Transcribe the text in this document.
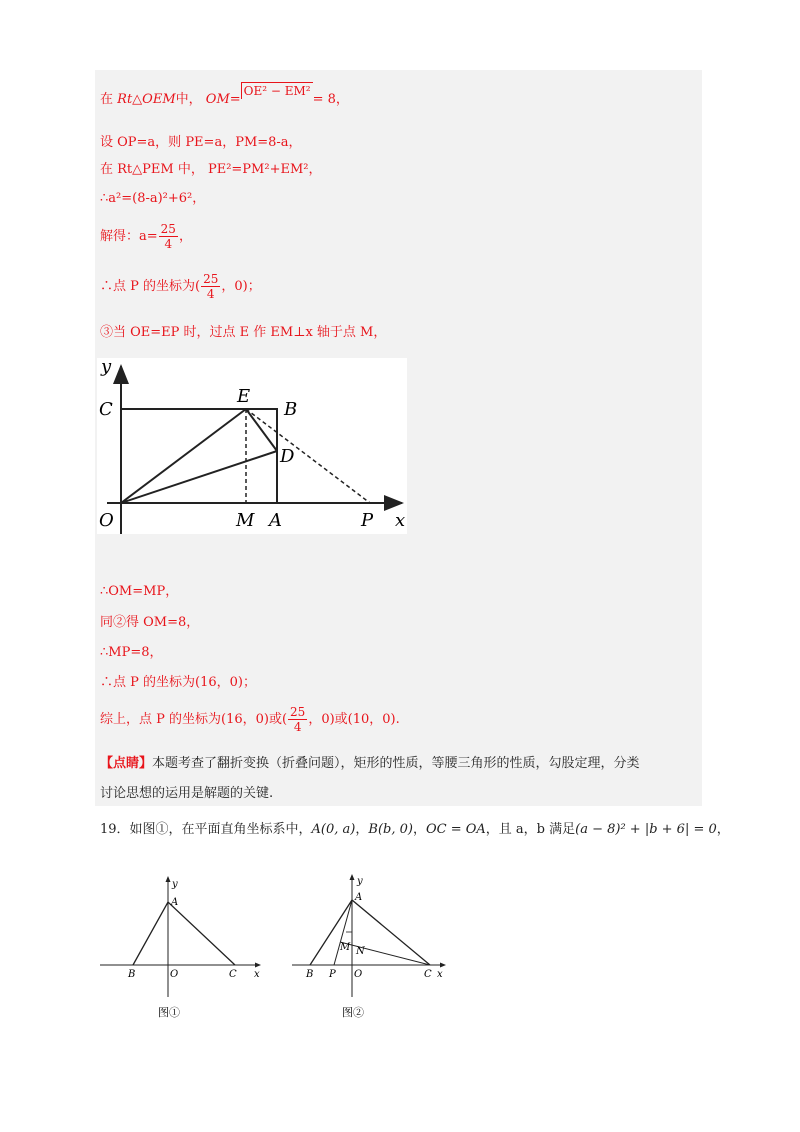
在 Rt△OEM中， OM=OE² − EM²= 8，
设 OP=a，则 PE=a，PM=8-a，
在 Rt△PEM 中， PE²=PM²+EM²，
∴a²=(8-a)²+6²，
解得：$a= \frac{25}{4}$ ，
∴点 P 的坐标为( $\frac{25}{4}$ ，0)；
③当 OE=EP 时，过点 E 作 EM⊥x 轴于点 M，
y
x
C
E
B
D
O	M A	P
∴OM=MP，
同②得 OM=8，
∴MP=8，
∴点 P 的坐标为(16，0)；
综上，点 P 的坐标为(16，0)或( $\frac{25}{4}$ ，0)或(10，0).
【点睛】本题考查了翻折变换（折叠问题），矩形的性质，等腰三角形的性质，勾股定理，分类
讨论思想的运用是解题的关键.
19．如图①，在平面直角坐标系中，A(0, a)，B(b, 0)，OC = OA，且 a，b 满足(a − 8)² + |b + 6| = 0，
y
A
B	O	C x
图①
y
A
M N
B P O	C x
图②
